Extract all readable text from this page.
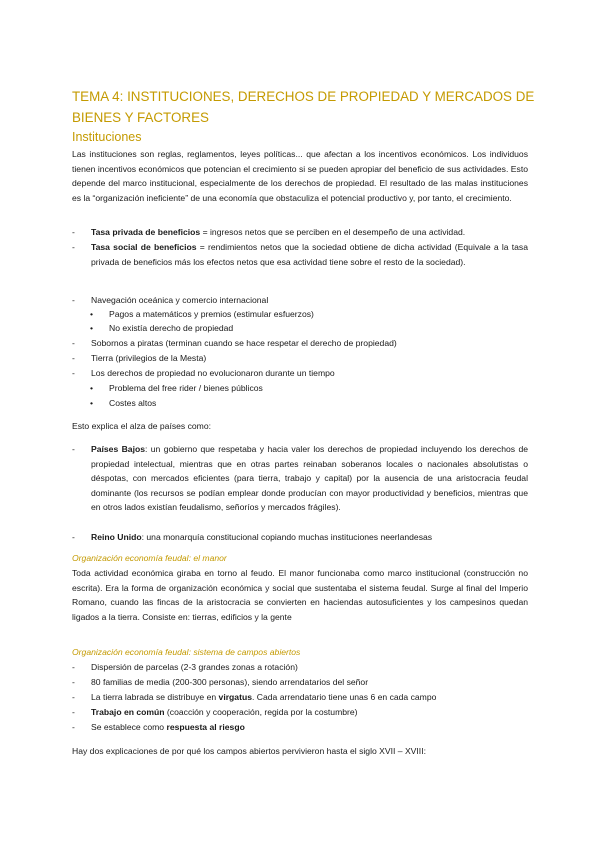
TEMA 4: INSTITUCIONES, DERECHOS DE PROPIEDAD Y MERCADOS DE BIENES Y FACTORES
Instituciones

Las instituciones son reglas, reglamentos, leyes políticas... que afectan a los incentivos económicos. Los individuos tienen incentivos económicos que potencian el crecimiento si se pueden apropiar del beneficio de sus actividades. Esto depende del marco institucional, especialmente de los derechos de propiedad. El resultado de las malas instituciones es la “organización ineficiente” de una economía que obstaculiza el potencial productivo y, por tanto, el crecimiento.

-	Tasa privada de beneficios = ingresos netos que se perciben en el desempeño de una actividad.
-	Tasa social de beneficios = rendimientos netos que la sociedad obtiene de dicha actividad (Equivale a la tasa privada de beneficios más los efectos netos que esa actividad tiene sobre el resto de la sociedad).
-	Navegación oceánica y comercio internacional
•	Pagos a matemáticos y premios (estimular esfuerzos)
•	No existía derecho de propiedad
-	Sobornos a piratas (terminan cuando se hace respetar el derecho de propiedad)
-	Tierra (privilegios de la Mesta)
-	Los derechos de propiedad no evolucionaron durante un tiempo
•	Problema del free rider / bienes públicos
•	Costes altos

Esto explica el alza de países como:

-	Países Bajos: un gobierno que respetaba y hacia valer los derechos de propiedad incluyendo los derechos de propiedad intelectual, mientras que en otras partes reinaban soberanos locales o nacionales absolutistas o déspotas, con mercados eficientes (para tierra, trabajo y capital) por la ausencia de una aristocracia feudal dominante (los recursos se podían emplear donde producían con mayor productividad y beneficios, mientras que en otros lados existían feudalismo, señoríos y mercados frágiles).
-	Reino Unido: una monarquía constitucional copiando muchas instituciones neerlandesas

Organización economía feudal: el manor

Toda actividad económica giraba en torno al feudo. El manor funcionaba como marco institucional (construcción no escrita). Era la forma de organización económica y social que sustentaba el sistema feudal. Surge al final del Imperio Romano, cuando las fincas de la aristocracia se convierten en haciendas autosuficientes y los campesinos quedan ligados a la tierra. Consiste en: tierras, edificios y la gente

Organización economía feudal: sistema de campos abiertos

-	Dispersión de parcelas (2-3 grandes zonas a rotación)
-	80 familias de media (200-300 personas), siendo arrendatarios del señor
-	La tierra labrada se distribuye en virgatus. Cada arrendatario tiene unas 6 en cada campo
-	Trabajo en común (coacción y cooperación, regida por la costumbre)
-	Se establece como respuesta al riesgo

Hay dos explicaciones de por qué los campos abiertos pervivieron hasta el siglo XVII – XVIII:
